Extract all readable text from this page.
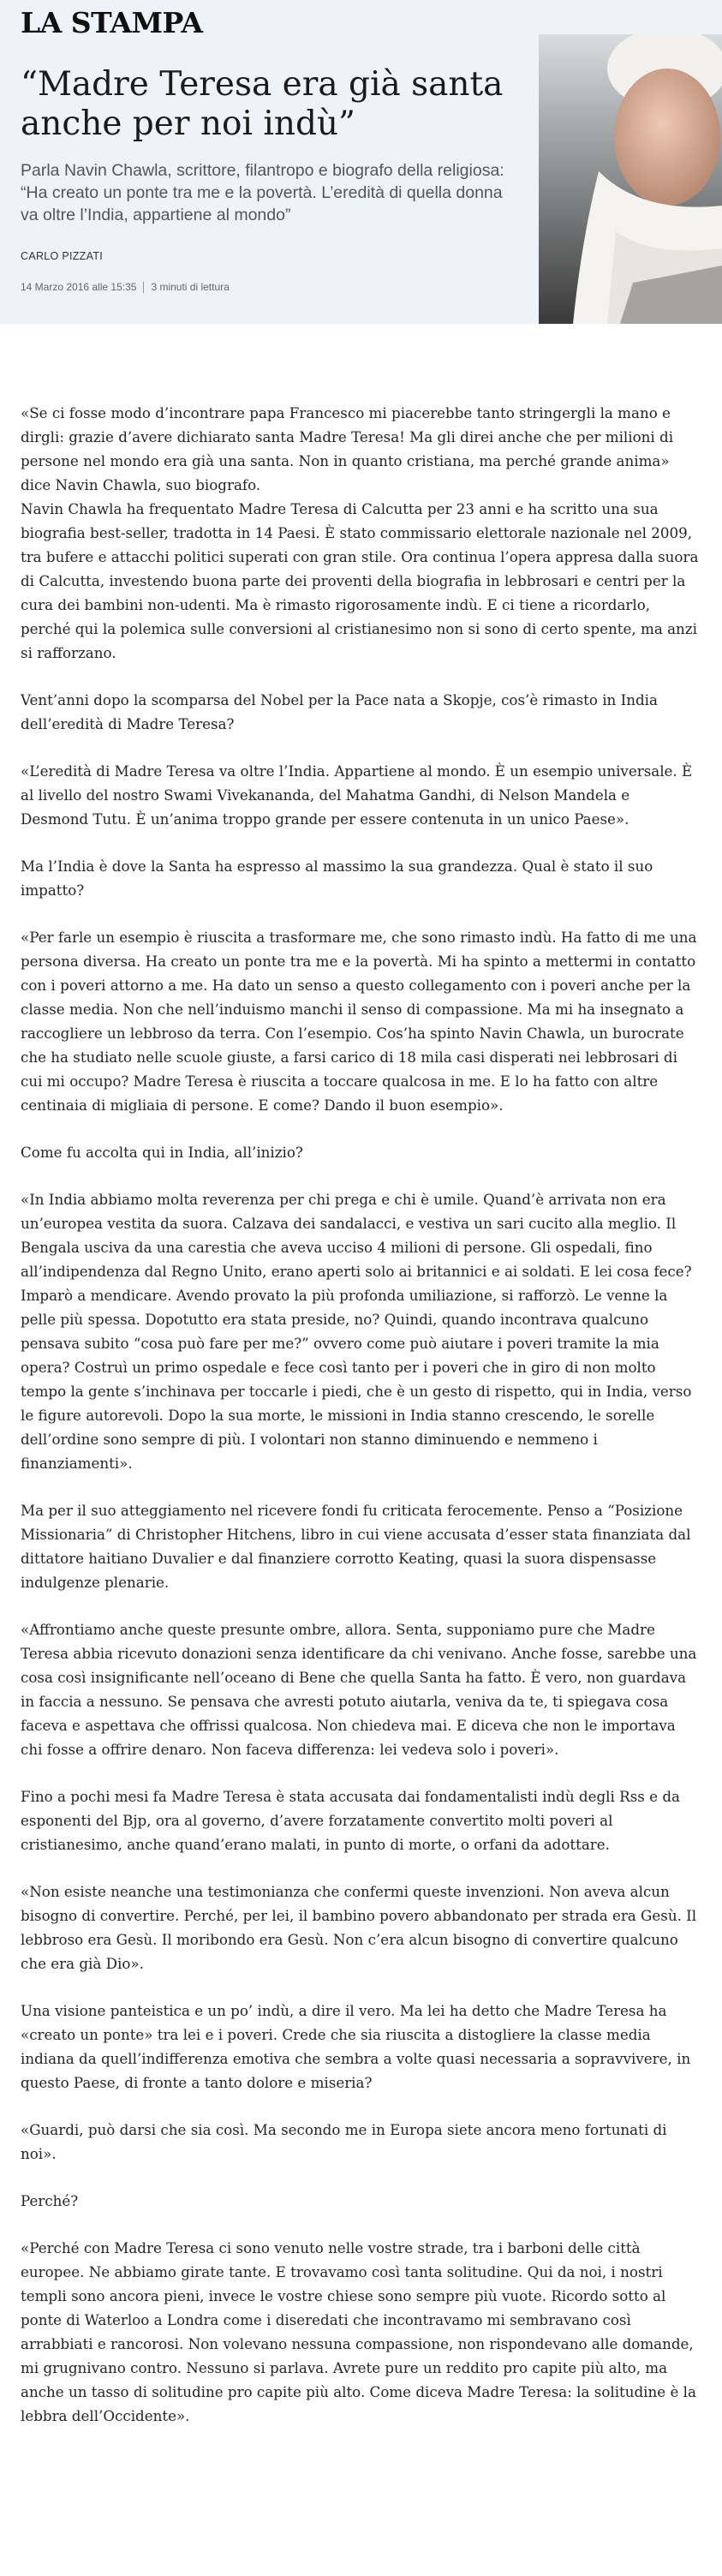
LA STAMPA
“Madre Teresa era già santa anche per noi indù”
Parla Navin Chawla, scrittore, filantropo e biografo della religiosa: “Ha creato un ponte tra me e la povertà. L’eredità di quella donna va oltre l’India, appartiene al mondo”
CARLO PIZZATI
14 Marzo 2016 alle 15:35 3 minuti di lettura

«Se ci fosse modo d’incontrare papa Francesco mi piacerebbe tanto stringergli la mano e dirgli: grazie d’avere dichiarato santa Madre Teresa! Ma gli direi anche che per milioni di persone nel mondo era già una santa. Non in quanto cristiana, ma perché grande anima» dice Navin Chawla, suo biografo.

Navin Chawla ha frequentato Madre Teresa di Calcutta per 23 anni e ha scritto una sua biografia best-seller, tradotta in 14 Paesi. È stato commissario elettorale nazionale nel 2009, tra bufere e attacchi politici superati con gran stile. Ora continua l’opera appresa dalla suora di Calcutta, investendo buona parte dei proventi della biografia in lebbrosari e centri per la cura dei bambini non-udenti. Ma è rimasto rigorosamente indù. E ci tiene a ricordarlo, perché qui la polemica sulle conversioni al cristianesimo non si sono di certo spente, ma anzi si rafforzano.

Vent’anni dopo la scomparsa del Nobel per la Pace nata a Skopje, cos’è rimasto in India dell’eredità di Madre Teresa?

«L’eredità di Madre Teresa va oltre l’India. Appartiene al mondo. È un esempio universale. È al livello del nostro Swami Vivekananda, del Mahatma Gandhi, di Nelson Mandela e Desmond Tutu. È un’anima troppo grande per essere contenuta in un unico Paese».

Ma l’India è dove la Santa ha espresso al massimo la sua grandezza. Qual è stato il suo impatto?

«Per farle un esempio è riuscita a trasformare me, che sono rimasto indù. Ha fatto di me una persona diversa. Ha creato un ponte tra me e la povertà. Mi ha spinto a mettermi in contatto con i poveri attorno a me. Ha dato un senso a questo collegamento con i poveri anche per la classe media. Non che nell’induismo manchi il senso di compassione. Ma mi ha insegnato a raccogliere un lebbroso da terra. Con l’esempio. Cos’ha spinto Navin Chawla, un burocrate che ha studiato nelle scuole giuste, a farsi carico di 18 mila casi disperati nei lebbrosari di cui mi occupo? Madre Teresa è riuscita a toccare qualcosa in me. E lo ha fatto con altre centinaia di migliaia di persone. E come? Dando il buon esempio».

Come fu accolta qui in India, all’inizio?

«In India abbiamo molta reverenza per chi prega e chi è umile. Quand’è arrivata non era un’europea vestita da suora. Calzava dei sandalacci, e vestiva un sari cucito alla meglio. Il Bengala usciva da una carestia che aveva ucciso 4 milioni di persone. Gli ospedali, fino all’indipendenza dal Regno Unito, erano aperti solo ai britannici e ai soldati. E lei cosa fece? Imparò a mendicare. Avendo provato la più profonda umiliazione, si rafforzò. Le venne la pelle più spessa. Dopotutto era stata preside, no? Quindi, quando incontrava qualcuno pensava subito “cosa può fare per me?” ovvero come può aiutare i poveri tramite la mia opera? Costruì un primo ospedale e fece così tanto per i poveri che in giro di non molto tempo la gente s’inchinava per toccarle i piedi, che è un gesto di rispetto, qui in India, verso le figure autorevoli. Dopo la sua morte, le missioni in India stanno crescendo, le sorelle dell’ordine sono sempre di più. I volontari non stanno diminuendo e nemmeno i finanziamenti».

Ma per il suo atteggiamento nel ricevere fondi fu criticata ferocemente. Penso a “Posizione Missionaria” di Christopher Hitchens, libro in cui viene accusata d’esser stata finanziata dal dittatore haitiano Duvalier e dal finanziere corrotto Keating, quasi la suora dispensasse indulgenze plenarie.

«Affrontiamo anche queste presunte ombre, allora. Senta, supponiamo pure che Madre Teresa abbia ricevuto donazioni senza identificare da chi venivano. Anche fosse, sarebbe una cosa così insignificante nell’oceano di Bene che quella Santa ha fatto. È vero, non guardava in faccia a nessuno. Se pensava che avresti potuto aiutarla, veniva da te, ti spiegava cosa faceva e aspettava che offrissi qualcosa. Non chiedeva mai. E diceva che non le importava chi fosse a offrire denaro. Non faceva differenza: lei vedeva solo i poveri».

Fino a pochi mesi fa Madre Teresa è stata accusata dai fondamentalisti indù degli Rss e da esponenti del Bjp, ora al governo, d’avere forzatamente convertito molti poveri al cristianesimo, anche quand’erano malati, in punto di morte, o orfani da adottare.

«Non esiste neanche una testimonianza che confermi queste invenzioni. Non aveva alcun bisogno di convertire. Perché, per lei, il bambino povero abbandonato per strada era Gesù. Il lebbroso era Gesù. Il moribondo era Gesù. Non c’era alcun bisogno di convertire qualcuno che era già Dio».

Una visione panteistica e un po’ indù, a dire il vero. Ma lei ha detto che Madre Teresa ha «creato un ponte» tra lei e i poveri. Crede che sia riuscita a distogliere la classe media indiana da quell’indifferenza emotiva che sembra a volte quasi necessaria a sopravvivere, in questo Paese, di fronte a tanto dolore e miseria?

«Guardi, può darsi che sia così. Ma secondo me in Europa siete ancora meno fortunati di noi».

Perché?

«Perché con Madre Teresa ci sono venuto nelle vostre strade, tra i barboni delle città europee. Ne abbiamo girate tante. E trovavamo così tanta solitudine. Qui da noi, i nostri templi sono ancora pieni, invece le vostre chiese sono sempre più vuote. Ricordo sotto al ponte di Waterloo a Londra come i diseredati che incontravamo mi sembravano così arrabbiati e rancorosi. Non volevano nessuna compassione, non rispondevano alle domande, mi grugnivano contro. Nessuno si parlava. Avrete pure un reddito pro capite più alto, ma anche un tasso di solitudine pro capite più alto. Come diceva Madre Teresa: la solitudine è la lebbra dell’Occidente».
